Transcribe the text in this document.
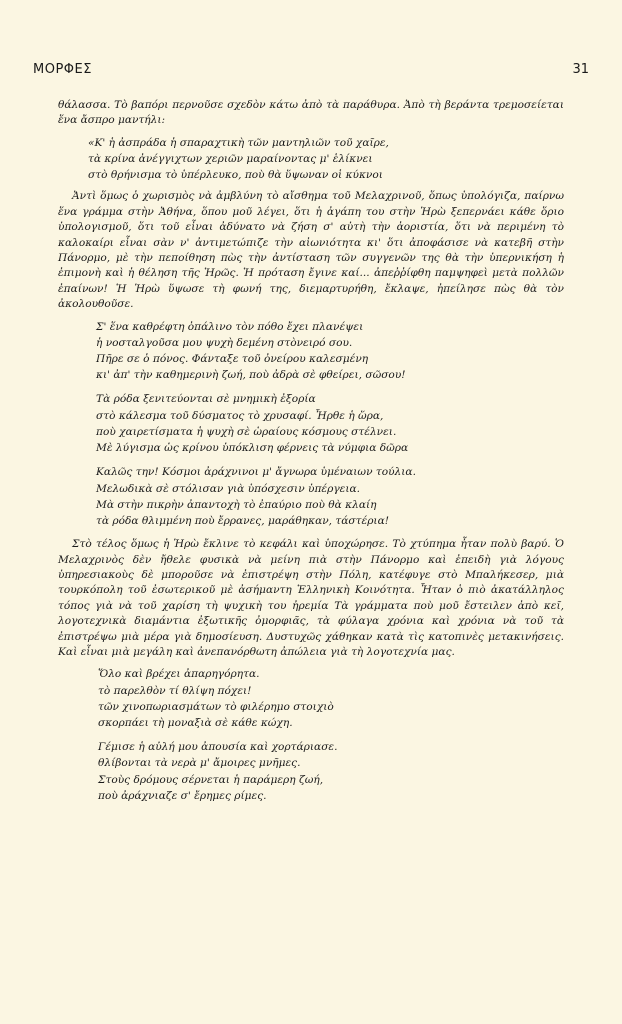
ΜΟΡΦΕΣ	31

θάλασσα. Τὸ βαπόρι περνοῦσε σχεδὸν κάτω ἀπὸ τὰ παράθυρα. Ἀπὸ τὴ βεράντα τρεμοσείεται ἕνα ἄσπρο μαντήλι:

«Κ' ἡ ἀσπράδα ἡ σπαραχτικὴ τῶν μαντηλιῶν τοῦ χαῖρε,
τὰ κρίνα ἀνέγγιχτων χεριῶν μαραίνοντας μ' ἑλίκνει
στὸ θρήνισμα τὸ ὑπέρλευκο, ποὺ θὰ ὕψωναν οἱ κύκνοι

Ἀντὶ ὅμως ὁ χωρισμὸς νὰ ἀμβλύνη τὸ αἴσθημα τοῦ Μελαχρινοῦ, ὅπως ὑπολόγιζα, παίρνω ἕνα γράμμα στὴν Ἀθήνα, ὅπου μοῦ λέγει, ὅτι ἡ ἀγάπη του στὴν Ἡρὼ ξεπερνάει κάθε ὅριο ὑπολογισμοῦ, ὅτι τοῦ εἶναι ἀδύνατο νὰ ζήση σ' αὐτὴ τὴν ἀοριστία, ὅτι νὰ περιμένη τὸ καλοκαίρι εἶναι σὰν ν' ἀντιμετώπιζε τὴν αἰωνιότητα κι' ὅτι ἀποφάσισε νὰ κατεβῆ στὴν Πάνορμο, μὲ τὴν πεποίθηση πὼς τὴν ἀντίσταση τῶν συγγενῶν της θὰ τὴν ὑπερνικήση ἡ ἐπιμονὴ καὶ ἡ θέληση τῆς Ἡρῶς. Ἡ πρόταση ἔγινε καί... ἀπεῤῥίφθη παμψηφεὶ μετὰ πολλῶν ἐπαίνων! Ἡ Ἡρὼ ὕψωσε τὴ φωνή της, διεμαρτυρήθη, ἔκλαψε, ἠπείλησε πὼς θὰ τὸν ἀκολουθοῦσε.

Σ' ἕνα καθρέφτη ὀπάλινο τὸν πόθο ἔχει πλανέψει
ἡ νοσταλγοῦσα μου ψυχὴ δεμένη στὸνειρό σου.
Πῆρε σε ὁ πόνος. Φάνταξε τοῦ ὀνείρου καλεσμένη
κι' ἀπ' τὴν καθημερινὴ ζωή, ποὺ ἀδρὰ σὲ φθείρει, σῶσου!
Τὰ ρόδα ξενιτεύονται σὲ μνημικὴ ἐξορία
στὸ κάλεσμα τοῦ δύσματος τὸ χρυσαφί. Ἦρθε ἡ ὥρα,
ποὺ χαιρετίσματα ἡ ψυχὴ σὲ ὡραίους κόσμους στέλνει.
Μὲ λύγισμα ὡς κρίνου ὑπόκλιση φέρνεις τὰ νύμφια δῶρα
Καλῶς την! Κόσμοι ἀράχνινοι μ' ἄγνωρα ὑμέναιων τούλια.
Μελωδικὰ σὲ στόλισαν γιὰ ὑπόσχεσιν ὑπέργεια.
Μὰ στὴν πικρὴν ἀπαντοχὴ τὸ ἐπαύριο ποὺ θὰ κλαίη
τὰ ρόδα θλιμμένη ποὺ ἔρρανες, μαράθηκαν, τάστέρια!

Στὸ τέλος ὅμως ἡ Ἡρὼ ἔκλινε τὸ κεφάλι καὶ ὑποχώρησε. Τὸ χτύπημα ἦταν πολὺ βαρύ. Ὁ Μελαχρινὸς δὲν ἤθελε φυσικὰ νὰ μείνη πιὰ στὴν Πάνορμο καὶ ἐπειδὴ γιὰ λόγους ὑπηρεσιακοὺς δὲ μποροῦσε νὰ ἐπιστρέψη στὴν Πόλη, κατέφυγε στὸ Μπαλήκεσερ, μιὰ τουρκόπολη τοῦ ἐσωτερικοῦ μὲ ἀσήμαντη Ἑλληνικὴ Κοινότητα. Ἦταν ὁ πιὸ ἀκατάλληλος τόπος γιὰ νὰ τοῦ χαρίση τὴ ψυχικὴ του ἠρεμία Τὰ γράμματα ποὺ μοῦ ἔστειλεν ἀπὸ κεῖ, λογοτεχνικὰ διαμάντια ἐξωτικῆς ὀμορφιᾶς, τὰ φύλαγα χρόνια καὶ χρόνια νὰ τοῦ τὰ ἐπιστρέψω μιὰ μέρα γιὰ δημοσίευση. Δυστυχῶς χάθηκαν κατὰ τὶς κατοπινὲς μετακινήσεις. Καὶ εἶναι μιὰ μεγάλη καὶ ἀνεπανόρθωτη ἀπώλεια γιὰ τὴ λογοτεχνία μας.

Ὅλο καὶ βρέχει ἀπαρηγόρητα.
τὸ παρελθὸν τί θλίψη πόχει!
τῶν χινοπωριασμάτων τὸ φιλέρημο στοιχιὸ
σκορπάει τὴ μοναξιὰ σὲ κάθε κώχη.
Γέμισε ἡ αὐλή μου ἀπουσία καὶ χορτάριασε.
θλίβονται τὰ νερὰ μ' ἄμοιρες μνῆμες.
Στοὺς δρόμους σέρνεται ἡ παράμερη ζωή,
ποὺ ἀράχνιαζε σ' ἔρημες ρίμες.
